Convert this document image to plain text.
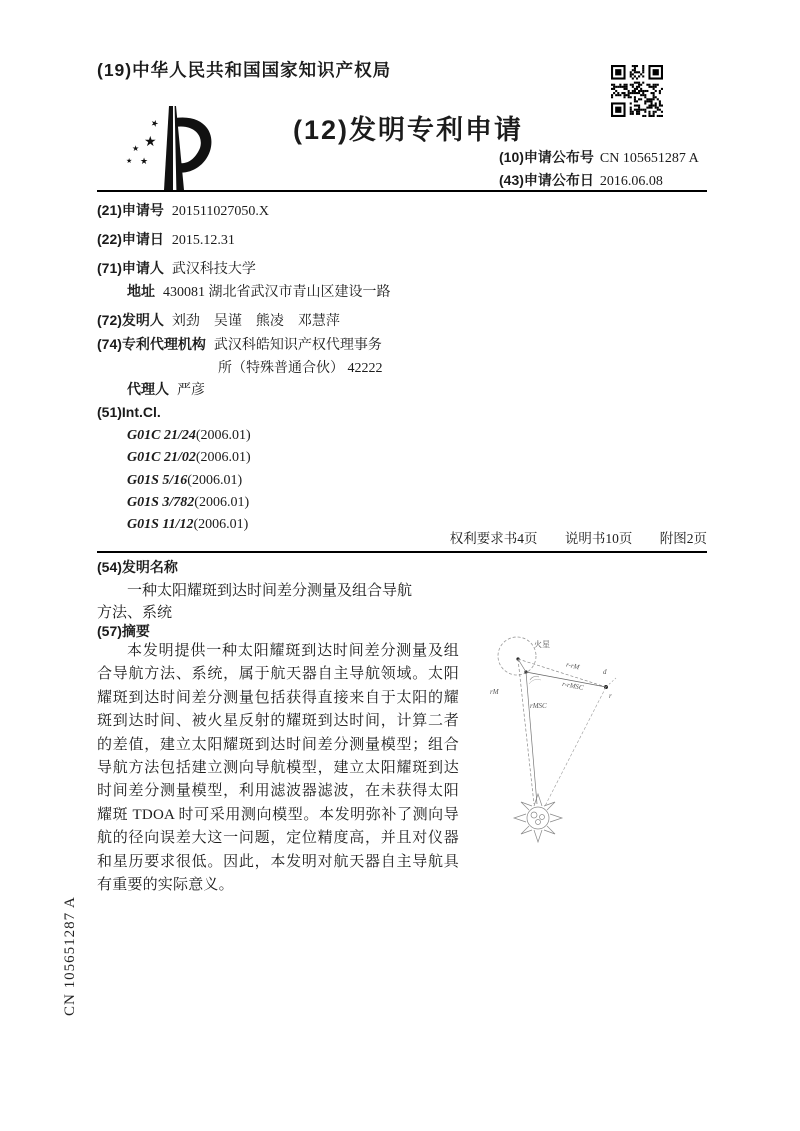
(19)中华人民共和国国家知识产权局
★
★
★
★ ★
(12)发明专利申请
(10)申请公布号 CN 105651287 A
(43)申请公布日 2016.06.08
(21)申请号 201511027050.X
(22)申请日 2015.12.31
(71)申请人 武汉科技大学
地址 430081 湖北省武汉市青山区建设一路
(72)发明人 刘劲　吴谨　熊凌　邓慧萍
(74)专利代理机构 武汉科皓知识产权代理事务
所（特殊普通合伙） 42222
代理人 严彦
(51)Int.Cl.
G01C 21/24(2006.01)
G01C 21/02(2006.01)
G01S 5/16(2006.01)
G01S 3/782(2006.01)
G01S 11/12(2006.01)
权利要求书4页 说明书10页 附图2页
(54)发明名称
一种太阳耀斑到达时间差分测量及组合导航
方法、系统
(57)摘要
本发明提供一种太阳耀斑到达时间差分测量及组合导航方法、系统，属于航天器自主导航领域。太阳耀斑到达时间差分测量包括获得直接来自于太阳的耀斑到达时间、被火星反射的耀斑到达时间，计算二者的差值，建立太阳耀斑到达时间差分测量模型；组合导航方法包括建立测向导航模型，建立太阳耀斑到达时间差分测量模型，利用滤波器滤波，在未获得太阳耀斑 TDOA 时可采用测向模型。本发明弥补了测向导航的径向误差大这一问题，定位精度高，并且对仪器和星历要求很低。因此，本发明对航天器自主导航具有重要的实际意义。
火星
rM
r-rM
r-rMSC
rMSC
d
r
CN 105651287 A
